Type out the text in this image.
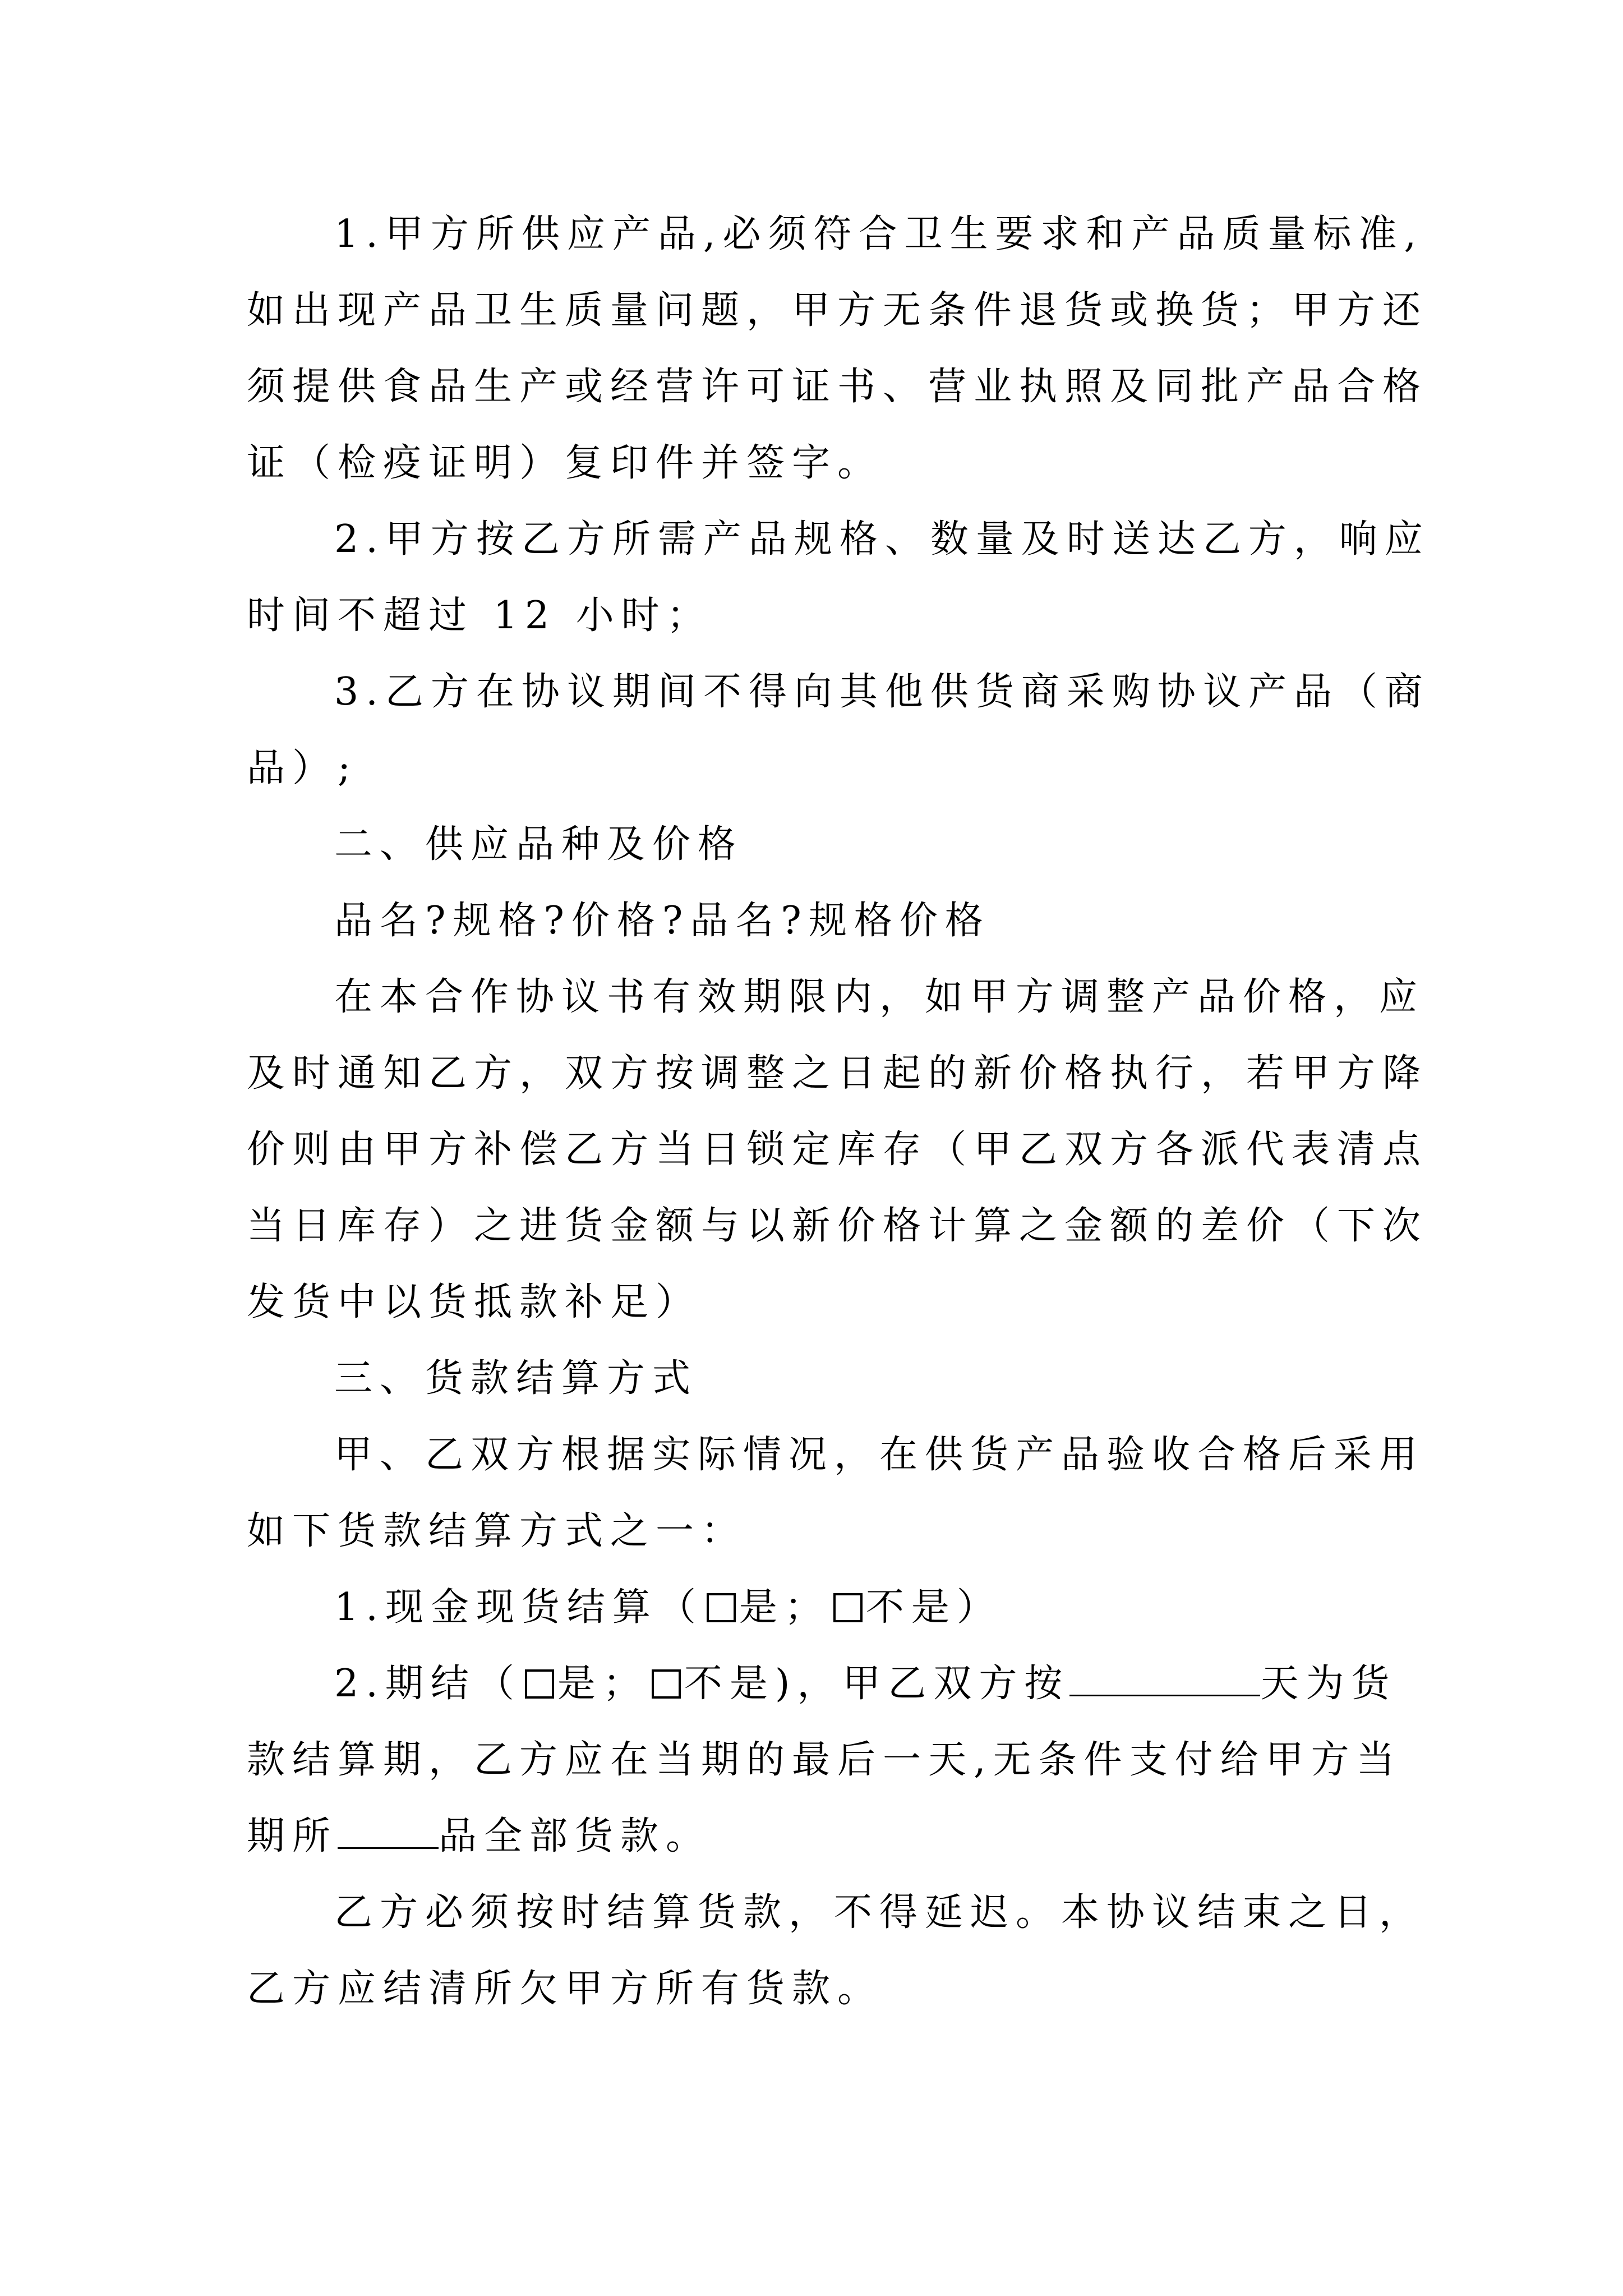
1.甲方所供应产品,必须符合卫生要求和产品质量标准,
如出现产品卫生质量问题，甲方无条件退货或换货；甲方还
须提供食品生产或经营许可证书、营业执照及同批产品合格
证（检疫证明）复印件并签字。
2.甲方按乙方所需产品规格、数量及时送达乙方，响应
时间不超过 12 小时；
3.乙方在协议期间不得向其他供货商采购协议产品（商
品）;
二、供应品种及价格
品名?规格?价格?品名?规格价格
在本合作协议书有效期限内，如甲方调整产品价格，应
及时通知乙方，双方按调整之日起的新价格执行，若甲方降
价则由甲方补偿乙方当日锁定库存（甲乙双方各派代表清点
当日库存）之进货金额与以新价格计算之金额的差价（下次
发货中以货抵款补足）
三、货款结算方式
甲、乙双方根据实际情况，在供货产品验收合格后采用
如下货款结算方式之一：
1.现金现货结算（ 是； 不是）
2.期结（ 是； 不是)，甲乙双方按	天为货
款结算期，乙方应在当期的最后一天,无条件支付给甲方当
期所	品全部货款。
乙方必须按时结算货款，不得延迟。本协议结束之日，
乙方应结清所欠甲方所有货款。
